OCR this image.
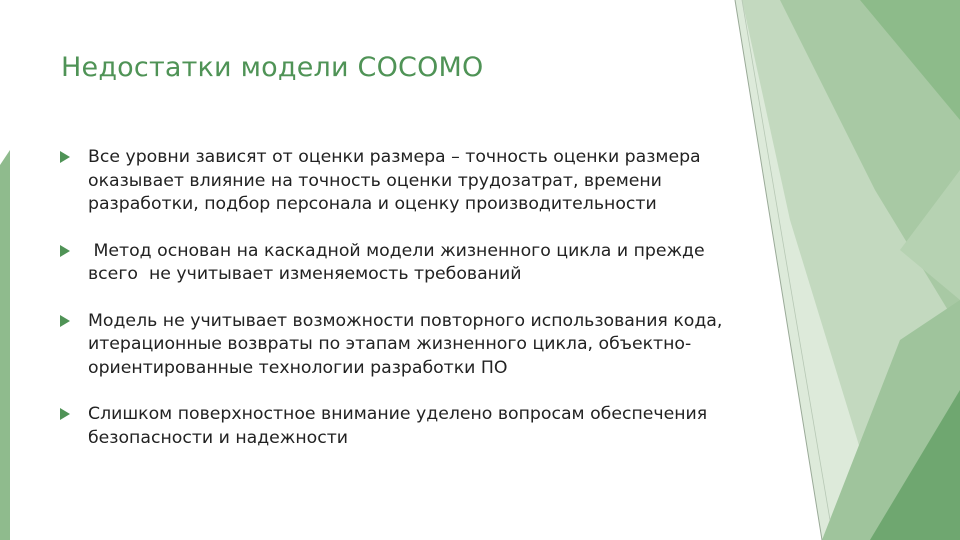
Недостатки модели СОСОМО
Все уровни зависят от оценки размера – точность оценки размера
оказывает влияние на точность оценки трудозатрат, времени
разработки, подбор персонала и оценку производительности
Метод основан на каскадной модели жизненного цикла и прежде
всего  не учитывает изменяемость требований
Модель не учитывает возможности повторного использования кода,
итерационные возвраты по этапам жизненного цикла, объектно-
ориентированные технологии разработки ПО
Слишком поверхностное внимание уделено вопросам обеспечения
безопасности и надежности
